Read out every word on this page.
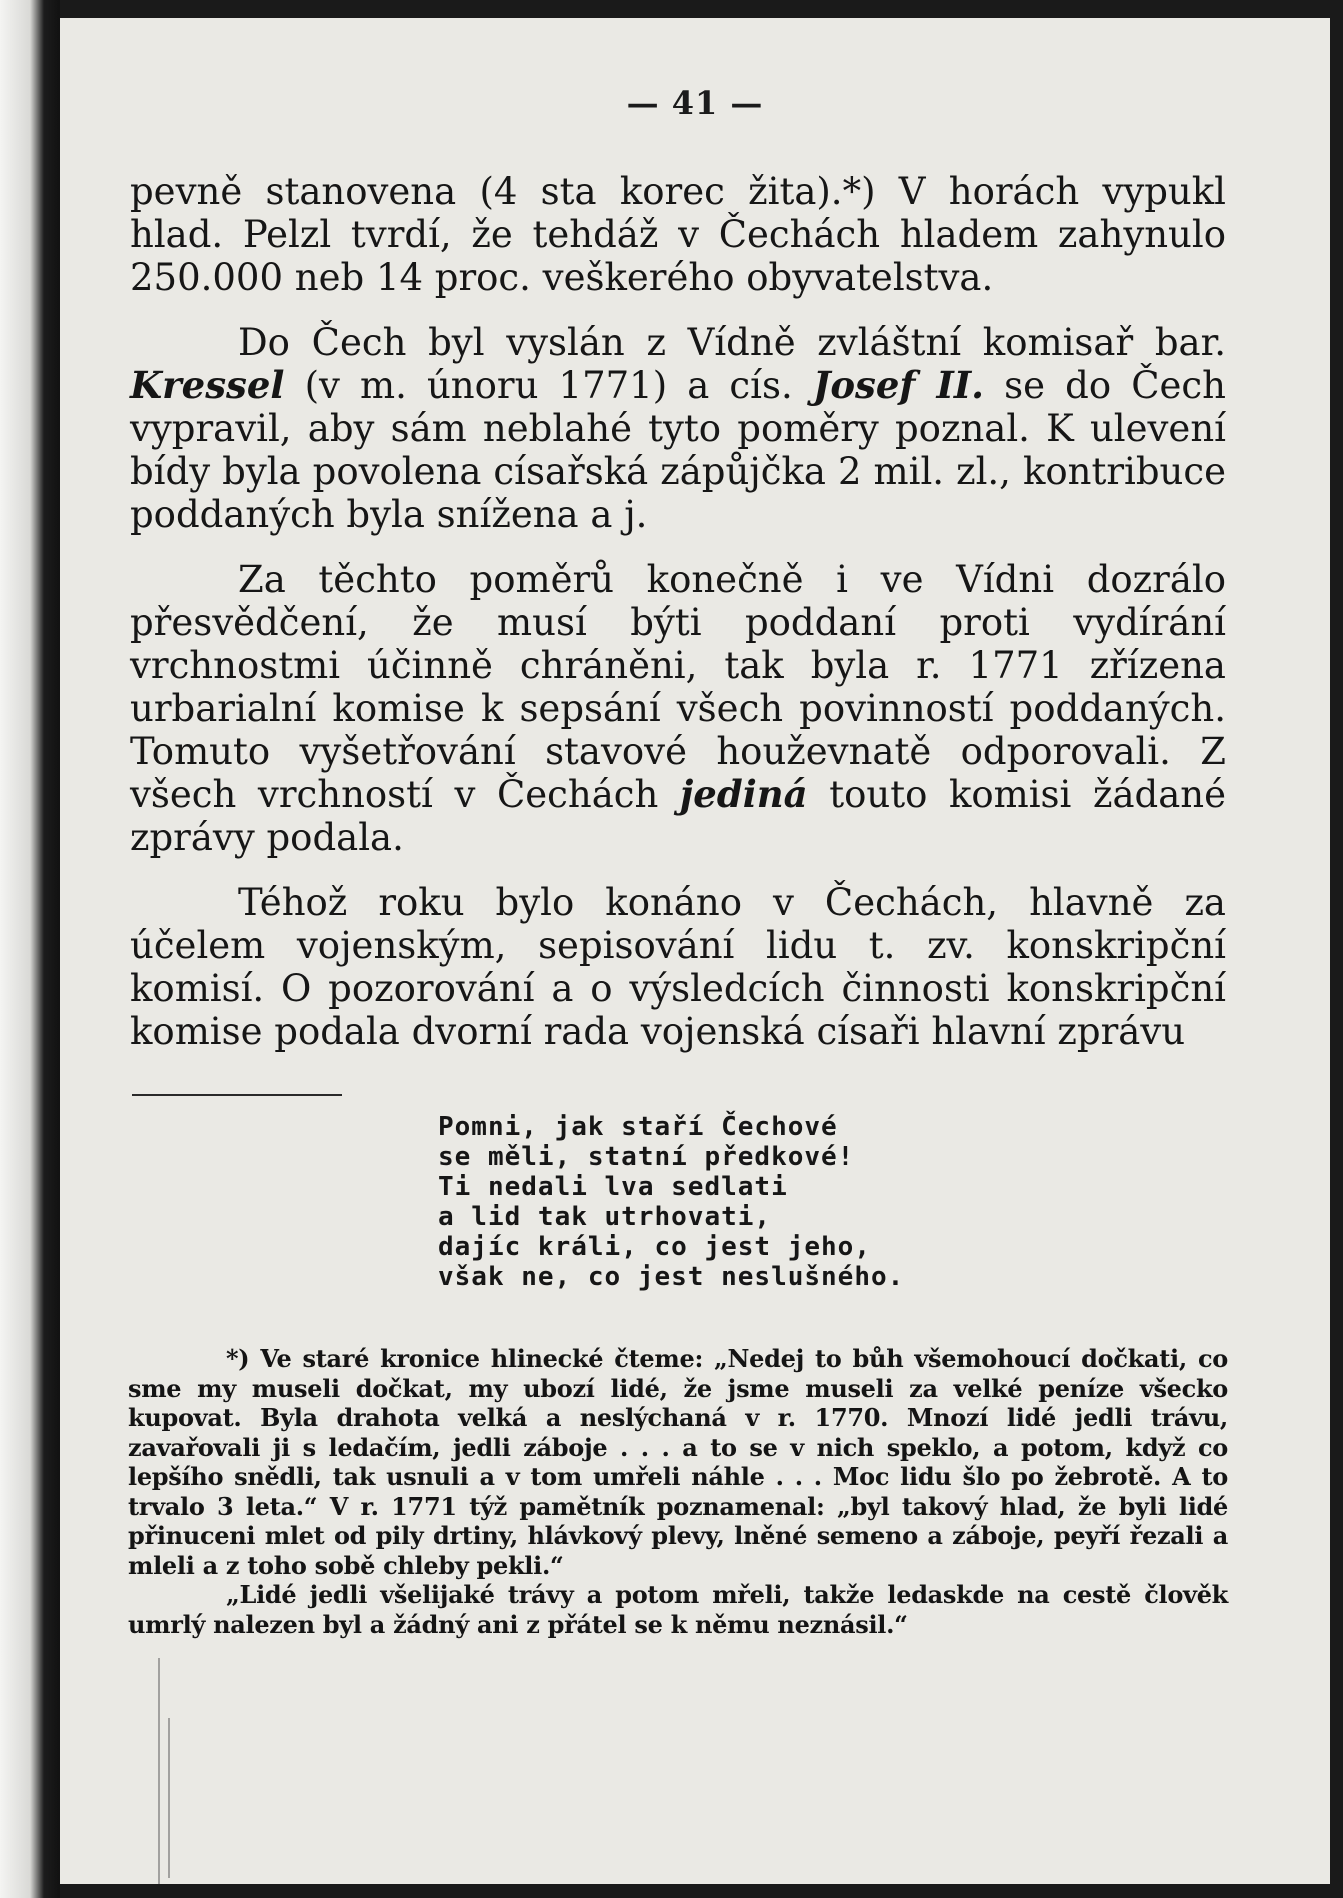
— 41 —

pevně stanovena (4 sta korec žita).*) V horách vypukl hlad. Pelzl tvrdí, že tehdáž v Čechách hladem zahynulo 250.000 neb 14 proc. veškerého obyvatelstva.

Do Čech byl vyslán z Vídně zvláštní komisař bar. Kressel (v m. únoru 1771) a cís. Josef II. se do Čech vypravil, aby sám neblahé tyto poměry poznal. K ulevení bídy byla povolena císařská zápůjčka 2 mil. zl., kontribuce poddaných byla snížena a j.

Za těchto poměrů konečně i ve Vídni dozrálo přesvědčení, že musí býti poddaní proti vydírání vrchnostmi účinně chráněni, tak byla r. 1771 zřízena urbarialní komise k sepsání všech povinností poddaných. Tomuto vyšetřování stavové houževnatě odporovali. Z všech vrchností v Čechách jediná touto komisi žádané zprávy podala.

Téhož roku bylo konáno v Čechách, hlavně za účelem vojenským, sepisování lidu t. zv. konskripční komisí. O pozorování a o výsledcích činnosti konskripční komise podala dvorní rada vojenská císaři hlavní zprávu

Pomni, jak staří Čechové
se měli, statní předkové!
Ti nedali lva sedlati
a lid tak utrhovati,
dajíc králi, co jest jeho,
však ne, co jest neslušného.

*) Ve staré kronice hlinecké čteme: „Nedej to bůh všemohoucí dočkati, co sme my museli dočkat, my ubozí lidé, že jsme museli za velké peníze všecko kupovat. Byla drahota velká a neslýchaná v r. 1770. Mnozí lidé jedli trávu, zavařovali ji s ledačím, jedli záboje . . . a to se v nich speklo, a potom, když co lepšího snědli, tak usnuli a v tom umřeli náhle . . . Moc lidu šlo po žebrotě. A to trvalo 3 leta.“ V r. 1771 týž pamětník poznamenal: „byl takový hlad, že byli lidé přinuceni mlet od pily drtiny, hlávkový plevy, lněné semeno a záboje, peyří řezali a mleli a z toho sobě chleby pekli.“

„Lidé jedli všelijaké trávy a potom mřeli, takže ledaskde na cestě člověk umrlý nalezen byl a žádný ani z přátel se k němu neznásil.“
